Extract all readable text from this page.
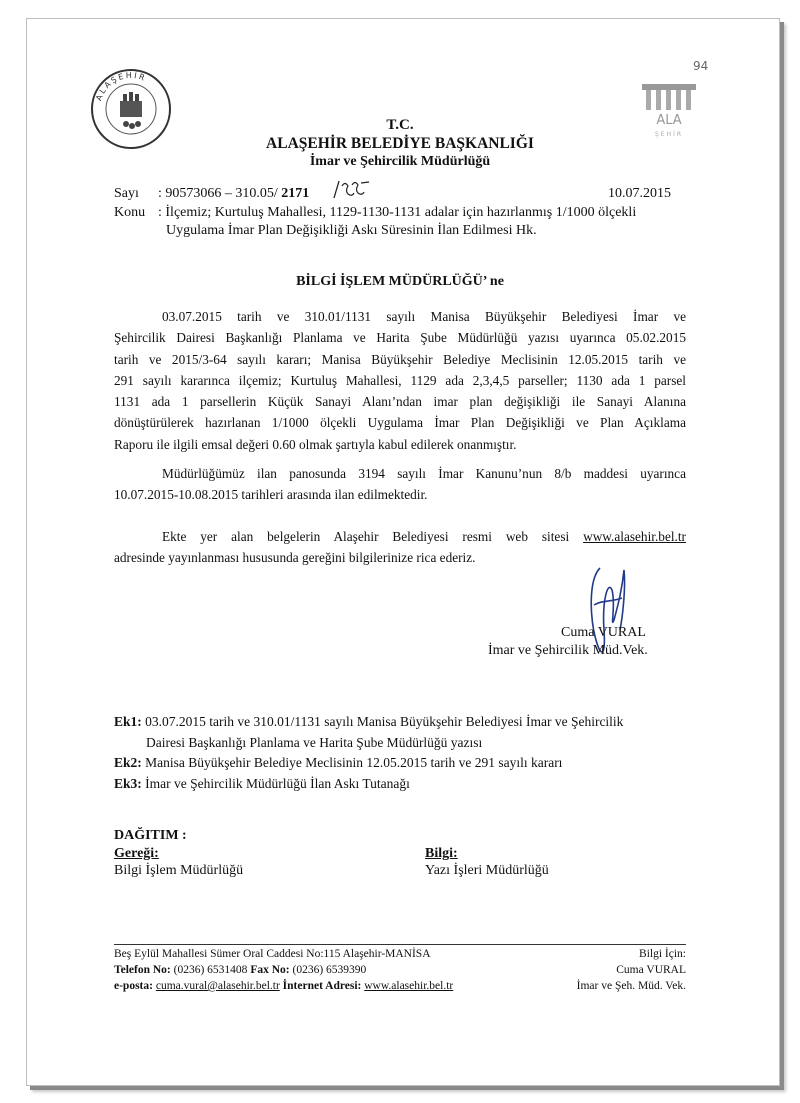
ALAŞEHİR
ALA
ŞEHİR
94
T.C.
ALAŞEHİR BELEDİYE BAŞKANLIĞI
İmar ve Şehircilik Müdürlüğü
Sayı : 90573066 – 310.05/ 2171	10.07.2015
Konu : İlçemiz; Kurtuluş Mahallesi, 1129-1130-1131 adalar için hazırlanmış 1/1000 ölçekli
Uygulama İmar Plan Değişikliği Askı Süresinin İlan Edilmesi Hk.
BİLGİ İŞLEM MÜDÜRLÜĞÜ’ ne
03.07.2015 tarih ve 310.01/1131 sayılı Manisa Büyükşehir Belediyesi İmar ve
Şehircilik Dairesi Başkanlığı Planlama ve Harita Şube Müdürlüğü yazısı uyarınca 05.02.2015
tarih ve 2015/3-64 sayılı kararı; Manisa Büyükşehir Belediye Meclisinin 12.05.2015 tarih ve
291 sayılı kararınca ilçemiz; Kurtuluş Mahallesi, 1129 ada 2,3,4,5 parseller; 1130 ada 1 parsel
1131 ada 1 parsellerin Küçük Sanayi Alanı’ndan imar plan değişikliği ile Sanayi Alanına
dönüştürülerek hazırlanan 1/1000 ölçekli Uygulama İmar Plan Değişikliği ve Plan Açıklama
Raporu ile ilgili emsal değeri 0.60 olmak şartıyla kabul edilerek onanmıştır.
Müdürlüğümüz ilan panosunda 3194 sayılı İmar Kanunu’nun 8/b maddesi uyarınca
10.07.2015-10.08.2015 tarihleri arasında ilan edilmektedir.
Ekte yer alan belgelerin Alaşehir Belediyesi resmi web sitesi www.alasehir.bel.tr
adresinde yayınlanması hususunda gereğini bilgilerinize rica ederiz.
Cuma VURAL
İmar ve Şehircilik Müd.Vek.
Ek1: 03.07.2015 tarih ve 310.01/1131 sayılı Manisa Büyükşehir Belediyesi İmar ve Şehircilik
Dairesi Başkanlığı Planlama ve Harita Şube Müdürlüğü yazısı
Ek2: Manisa Büyükşehir Belediye Meclisinin 12.05.2015 tarih ve 291 sayılı kararı
Ek3: İmar ve Şehircilik Müdürlüğü İlan Askı Tutanağı
DAĞITIM :
Gereği:
Bilgi İşlem Müdürlüğü
Bilgi:
Yazı İşleri Müdürlüğü
Beş Eylül Mahallesi Sümer Oral Caddesi No:115 Alaşehir-MANİSA
Telefon No: (0236) 6531408 Fax No: (0236) 6539390
e-posta: cuma.vural@alasehir.bel.tr İnternet Adresi: www.alasehir.bel.tr
Bilgi İçin:
Cuma VURAL
İmar ve Şeh. Müd. Vek.
